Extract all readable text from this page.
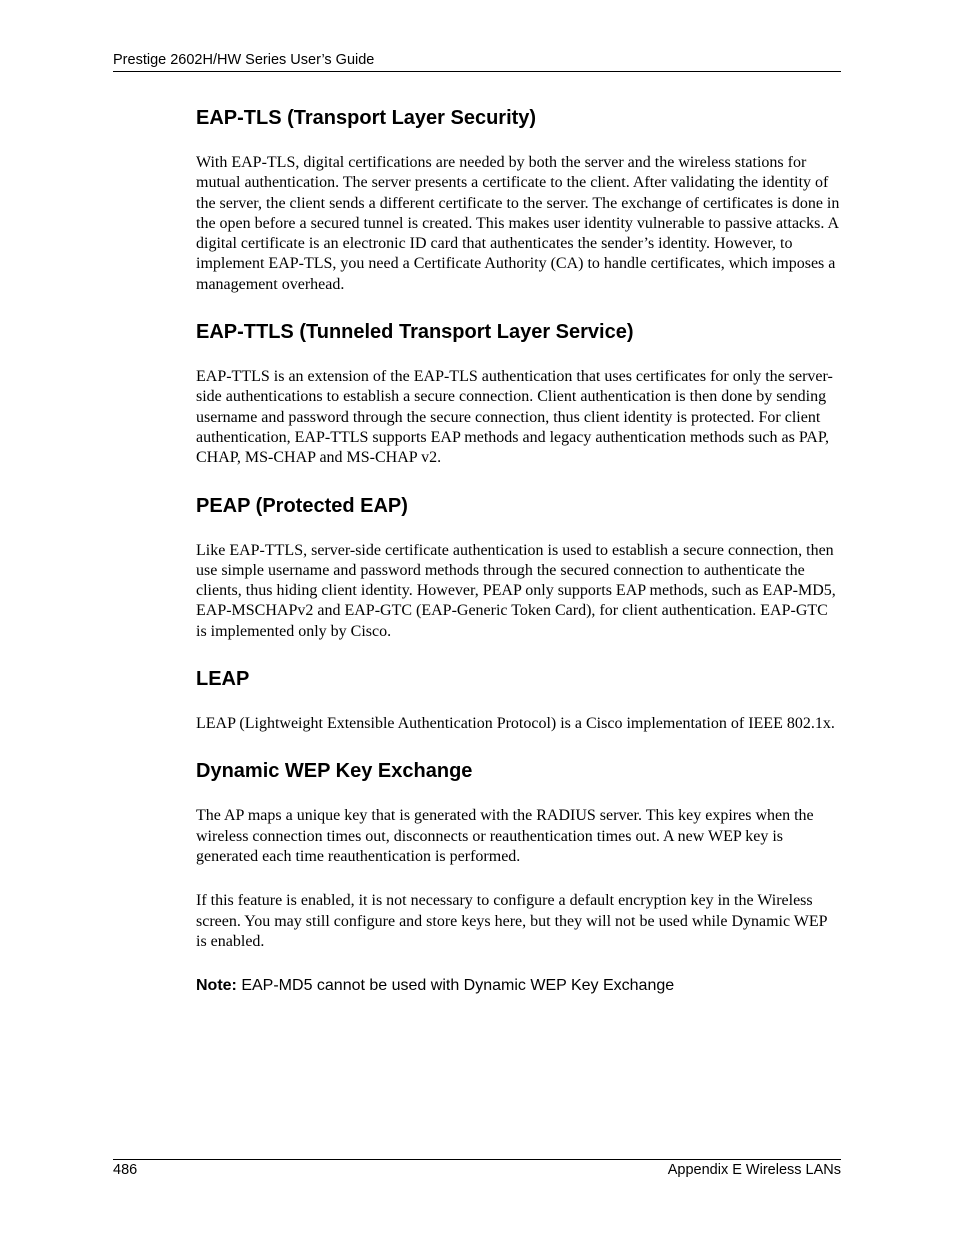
Prestige 2602H/HW Series User’s Guide
EAP-TLS (Transport Layer Security)

With EAP-TLS, digital certifications are needed by both the server and the wireless stations for mutual authentication. The server presents a certificate to the client. After validating the identity of the server, the client sends a different certificate to the server. The exchange of certificates is done in the open before a secured tunnel is created. This makes user identity vulnerable to passive attacks. A digital certificate is an electronic ID card that authenticates the sender’s identity. However, to implement EAP-TLS, you need a Certificate Authority (CA) to handle certificates, which imposes a management overhead.

EAP-TTLS (Tunneled Transport Layer Service)

EAP-TTLS is an extension of the EAP-TLS authentication that uses certificates for only the server-side authentications to establish a secure connection. Client authentication is then done by sending username and password through the secure connection, thus client identity is protected. For client authentication, EAP-TTLS supports EAP methods and legacy authentication methods such as PAP, CHAP, MS-CHAP and MS-CHAP v2.

PEAP (Protected EAP)

Like EAP-TTLS, server-side certificate authentication is used to establish a secure connection, then use simple username and password methods through the secured connection to authenticate the clients, thus hiding client identity. However, PEAP only supports EAP methods, such as EAP-MD5, EAP-MSCHAPv2 and EAP-GTC (EAP-Generic Token Card), for client authentication. EAP-GTC is implemented only by Cisco.

LEAP

LEAP (Lightweight Extensible Authentication Protocol) is a Cisco implementation of IEEE 802.1x.

Dynamic WEP Key Exchange

The AP maps a unique key that is generated with the RADIUS server. This key expires when the wireless connection times out, disconnects or reauthentication times out. A new WEP key is generated each time reauthentication is performed.

If this feature is enabled, it is not necessary to configure a default encryption key in the Wireless screen. You may still configure and store keys here, but they will not be used while Dynamic WEP is enabled.

Note: EAP-MD5 cannot be used with Dynamic WEP Key Exchange
486	Appendix E Wireless LANs
